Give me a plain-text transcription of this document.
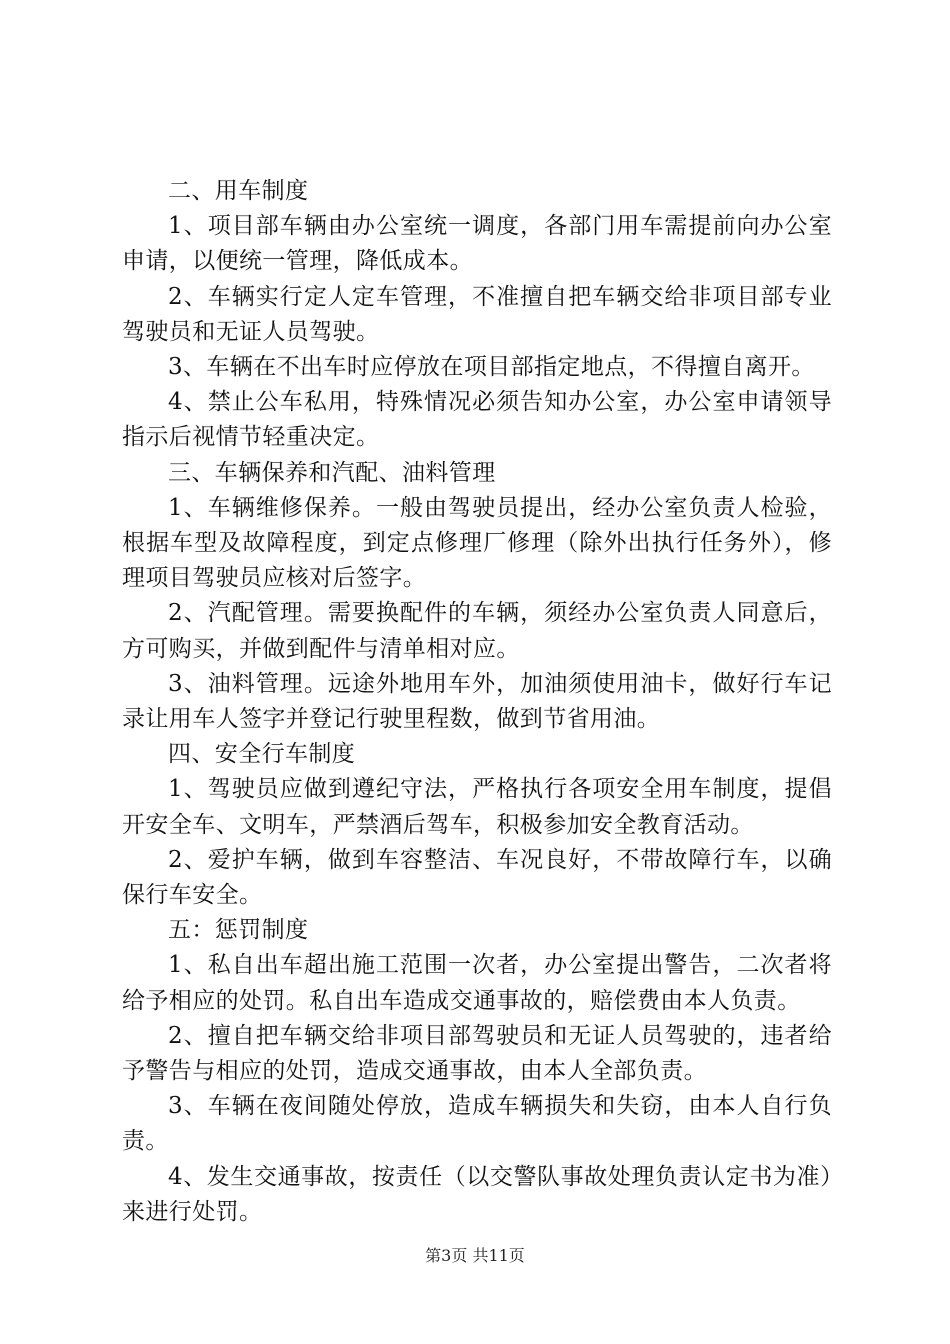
二、用车制度

1、项目部车辆由办公室统一调度，各部门用车需提前向办公室申请，以便统一管理，降低成本。

2、车辆实行定人定车管理，不准擅自把车辆交给非项目部专业驾驶员和无证人员驾驶。

3、车辆在不出车时应停放在项目部指定地点，不得擅自离开。

4、禁止公车私用，特殊情况必须告知办公室，办公室申请领导指示后视情节轻重决定。

三、车辆保养和汽配、油料管理

1、车辆维修保养。一般由驾驶员提出，经办公室负责人检验，根据车型及故障程度，到定点修理厂修理（除外出执行任务外），修理项目驾驶员应核对后签字。

2、汽配管理。需要换配件的车辆，须经办公室负责人同意后，方可购买，并做到配件与清单相对应。

3、油料管理。远途外地用车外，加油须使用油卡，做好行车记录让用车人签字并登记行驶里程数，做到节省用油。

四、安全行车制度

1、驾驶员应做到遵纪守法，严格执行各项安全用车制度，提倡开安全车、文明车，严禁酒后驾车，积极参加安全教育活动。

2、爱护车辆，做到车容整洁、车况良好，不带故障行车，以确保行车安全。

五：惩罚制度

1、私自出车超出施工范围一次者，办公室提出警告，二次者将给予相应的处罚。私自出车造成交通事故的，赔偿费由本人负责。

2、擅自把车辆交给非项目部驾驶员和无证人员驾驶的，违者给予警告与相应的处罚，造成交通事故，由本人全部负责。

3、车辆在夜间随处停放，造成车辆损失和失窃，由本人自行负责。

4、发生交通事故，按责任（以交警队事故处理负责认定书为准）来进行处罚。

第3页 共11页
